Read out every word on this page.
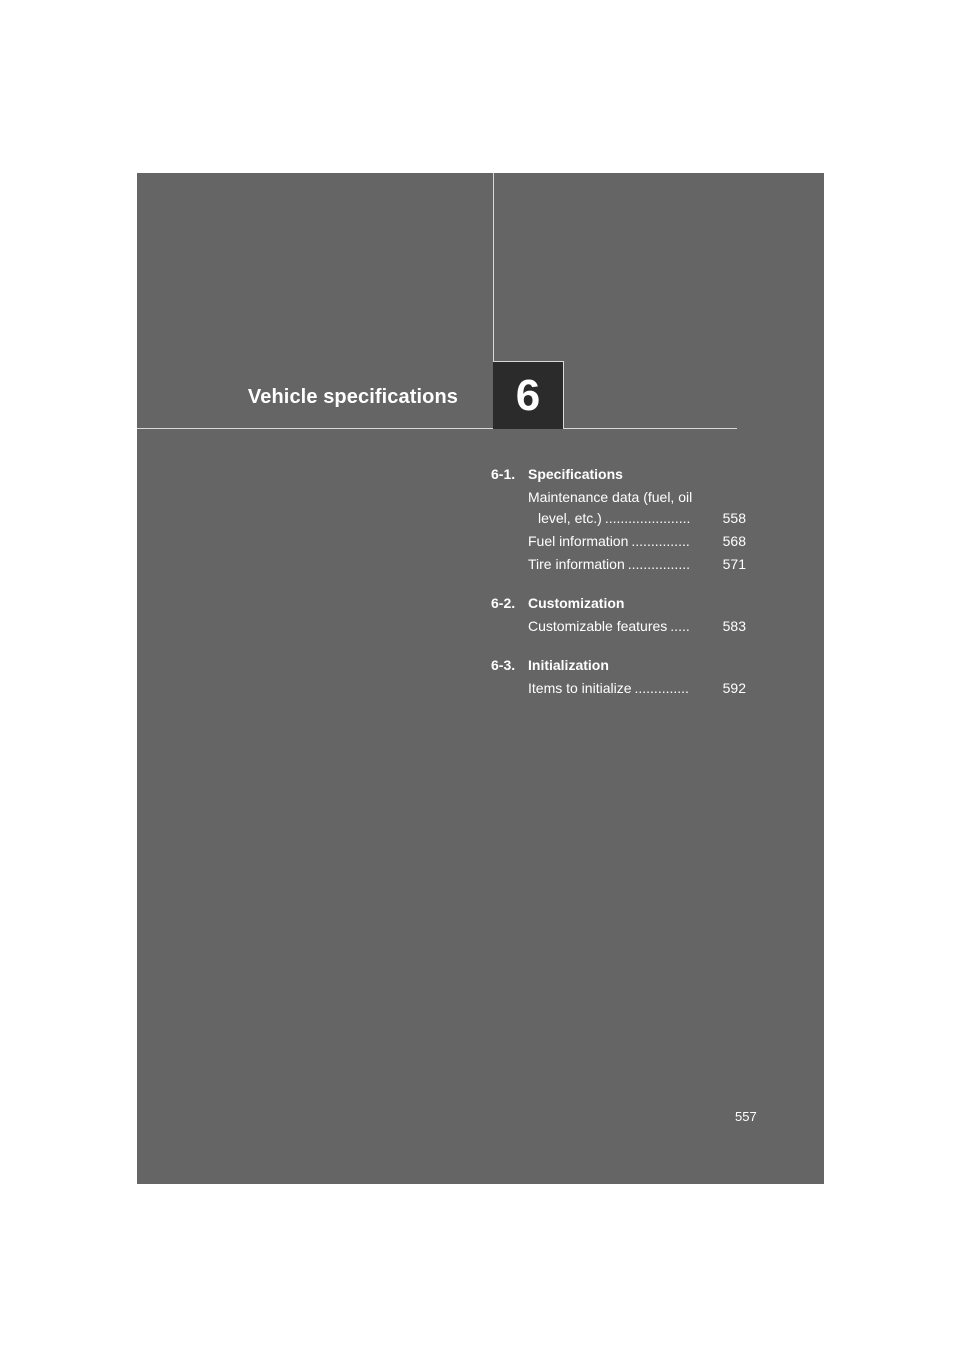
Vehicle specifications	6
6-1. Specifications
Maintenance data (fuel, oil
level, etc.) ......................	558
Fuel information ...............	568
Tire information ................	571
6-2. Customization
Customizable features .....	583
6-3. Initialization
Items to initialize ..............	592
557
